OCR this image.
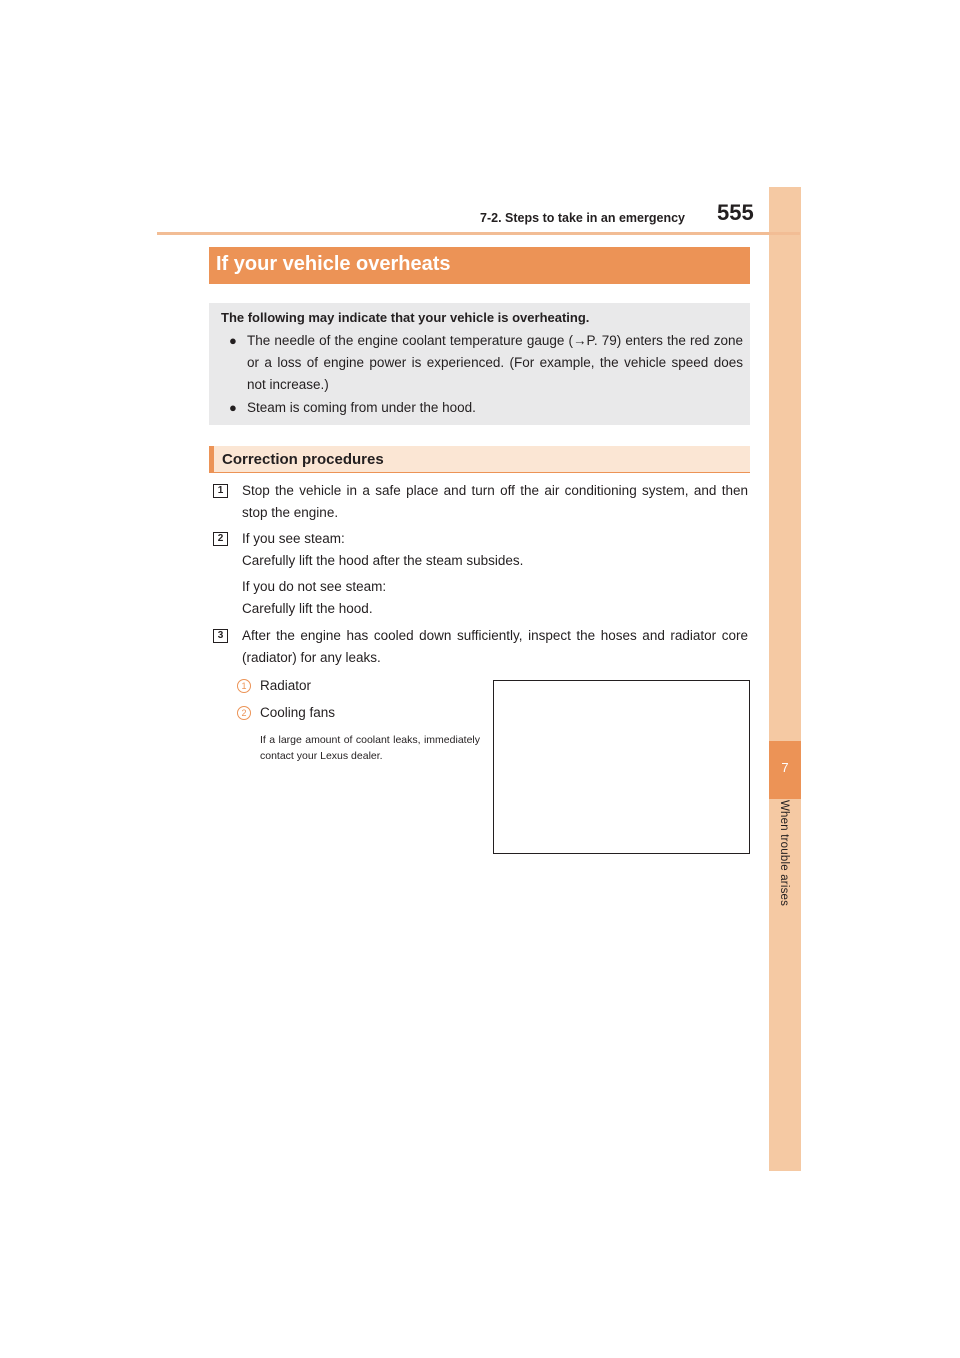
7
When trouble arises
7-2. Steps to take in an emergency 555
If your vehicle overheats
The following may indicate that your vehicle is overheating.
● The needle of the engine coolant temperature gauge (→P. 79) enters the red zone or a loss of engine power is experienced. (For example, the vehicle speed does not increase.)
● Steam is coming from under the hood.
Correction procedures
1	Stop the vehicle in a safe place and turn off the air conditioning system, and then stop the engine.
2	If you see steam:
Carefully lift the hood after the steam subsides.
If you do not see steam:
Carefully lift the hood.
3	After the engine has cooled down sufficiently, inspect the hoses and radiator core (radiator) for any leaks.
1	Radiator
2	Cooling fans
If a large amount of coolant leaks, immediately contact your Lexus dealer.
